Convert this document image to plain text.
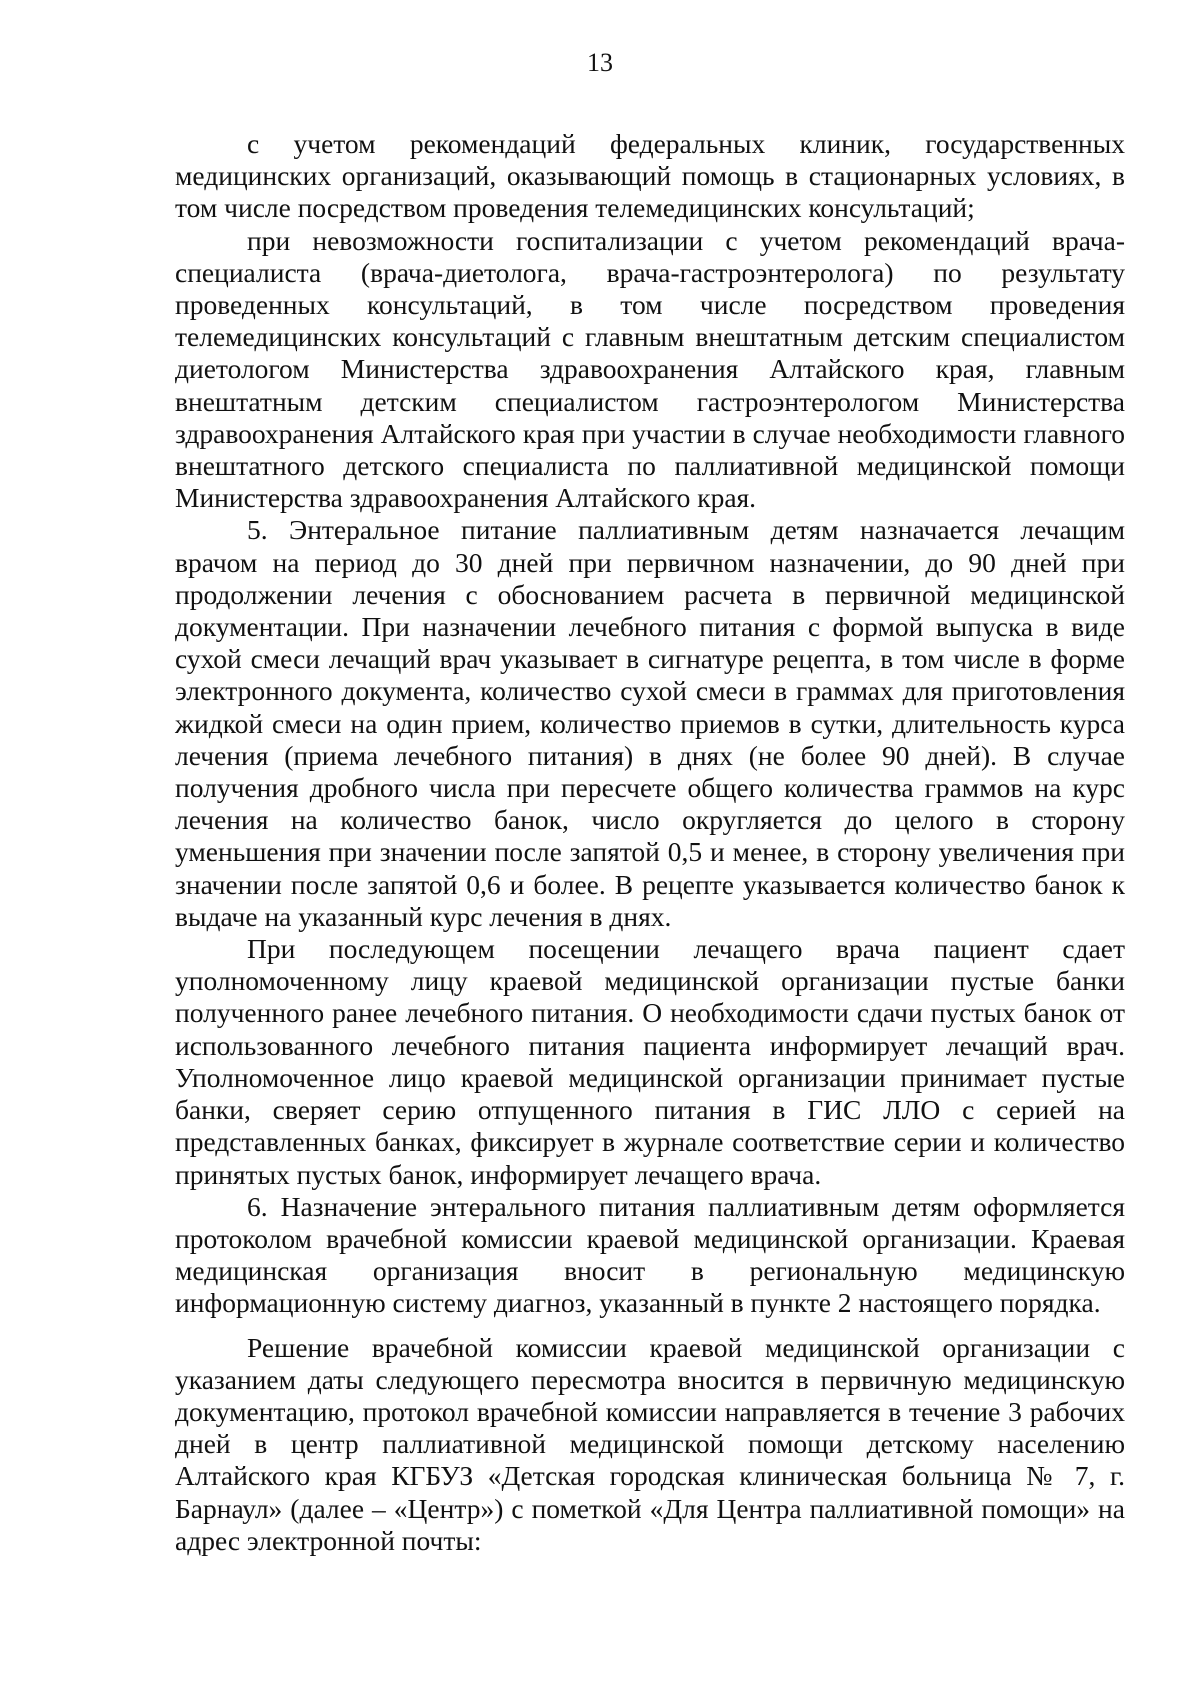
13

с учетом рекомендаций федеральных клиник, государственных медицинских организаций, оказывающий помощь в стационарных условиях, в том числе посредством проведения телемедицинских консультаций;

при невозможности госпитализации с учетом рекомендаций врача-специалиста (врача-диетолога, врача-гастроэнтеролога) по результату проведенных консультаций, в том числе посредством проведения телемедицинских консультаций с главным внештатным детским специалистом диетологом Министерства здравоохранения Алтайского края, главным внештатным детским специалистом гастроэнтерологом Министерства здравоохранения Алтайского края при участии в случае необходимости главного внештатного детского специалиста по паллиативной медицинской помощи Министерства здравоохранения Алтайского края.

5. Энтеральное питание паллиативным детям назначается лечащим врачом на период до 30 дней при первичном назначении, до 90 дней при продолжении лечения с обоснованием расчета в первичной медицинской документации. При назначении лечебного питания с формой выпуска в виде сухой смеси лечащий врач указывает в сигнатуре рецепта, в том числе в форме электронного документа, количество сухой смеси в граммах для приготовления жидкой смеси на один прием, количество приемов в сутки, длительность курса лечения (приема лечебного питания) в днях (не более 90 дней). В случае получения дробного числа при пересчете общего количества граммов на курс лечения на количество банок, число округляется до целого в сторону уменьшения при значении после запятой 0,5 и менее, в сторону увеличения при значении после запятой 0,6 и более. В рецепте указывается количество банок к выдаче на указанный курс лечения в днях.

При последующем посещении лечащего врача пациент сдает уполномоченному лицу краевой медицинской организации пустые банки полученного ранее лечебного питания. О необходимости сдачи пустых банок от использованного лечебного питания пациента информирует лечащий врач. Уполномоченное лицо краевой медицинской организации принимает пустые банки, сверяет серию отпущенного питания в ГИС ЛЛО с серией на представленных банках, фиксирует в журнале соответствие серии и количество принятых пустых банок, информирует лечащего врача.

6. Назначение энтерального питания паллиативным детям оформляется протоколом врачебной комиссии краевой медицинской организации. Краевая медицинская организация вносит в региональную медицинскую информационную систему диагноз, указанный в пункте 2 настоящего порядка.

Решение врачебной комиссии краевой медицинской организации с указанием даты следующего пересмотра вносится в первичную медицинскую документацию, протокол врачебной комиссии направляется в течение 3 рабочих дней в центр паллиативной медицинской помощи детскому населению Алтайского края КГБУЗ «Детская городская клиническая больница № 7, г. Барнаул» (далее – «Центр») с пометкой «Для Центра паллиативной помощи» на адрес электронной почты:
